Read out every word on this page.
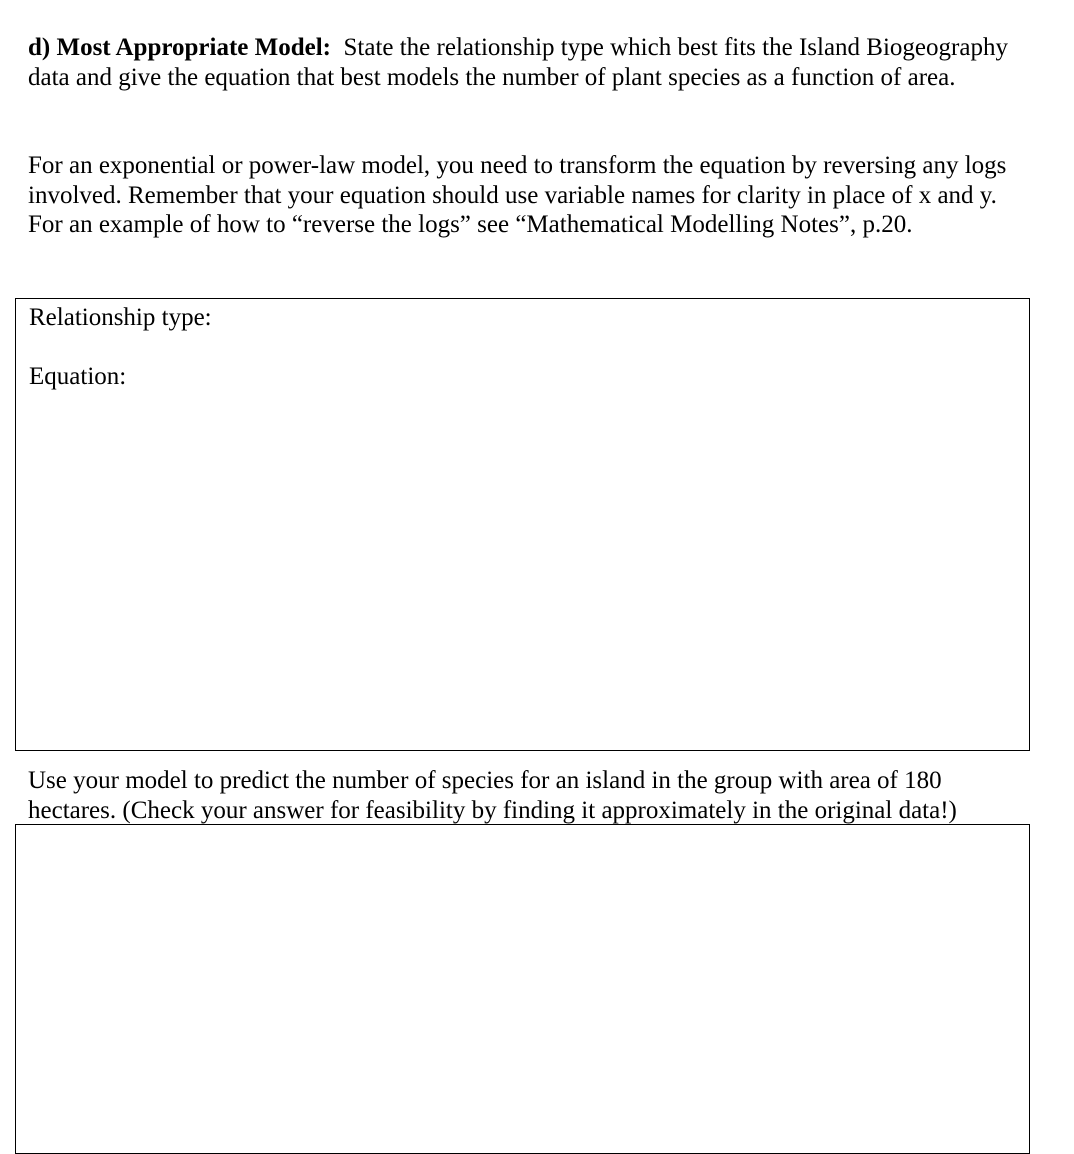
d) Most Appropriate Model: State the relationship type which best fits the Island Biogeography data and give the equation that best models the number of plant species as a function of area.

For an exponential or power-law model, you need to transform the equation by reversing any logs involved. Remember that your equation should use variable names for clarity in place of x and y.
For an example of how to “reverse the logs” see “Mathematical Modelling Notes”, p.20.

Relationship type:

Equation:

Use your model to predict the number of species for an island in the group with area of 180 hectares. (Check your answer for feasibility by finding it approximately in the original data!)
